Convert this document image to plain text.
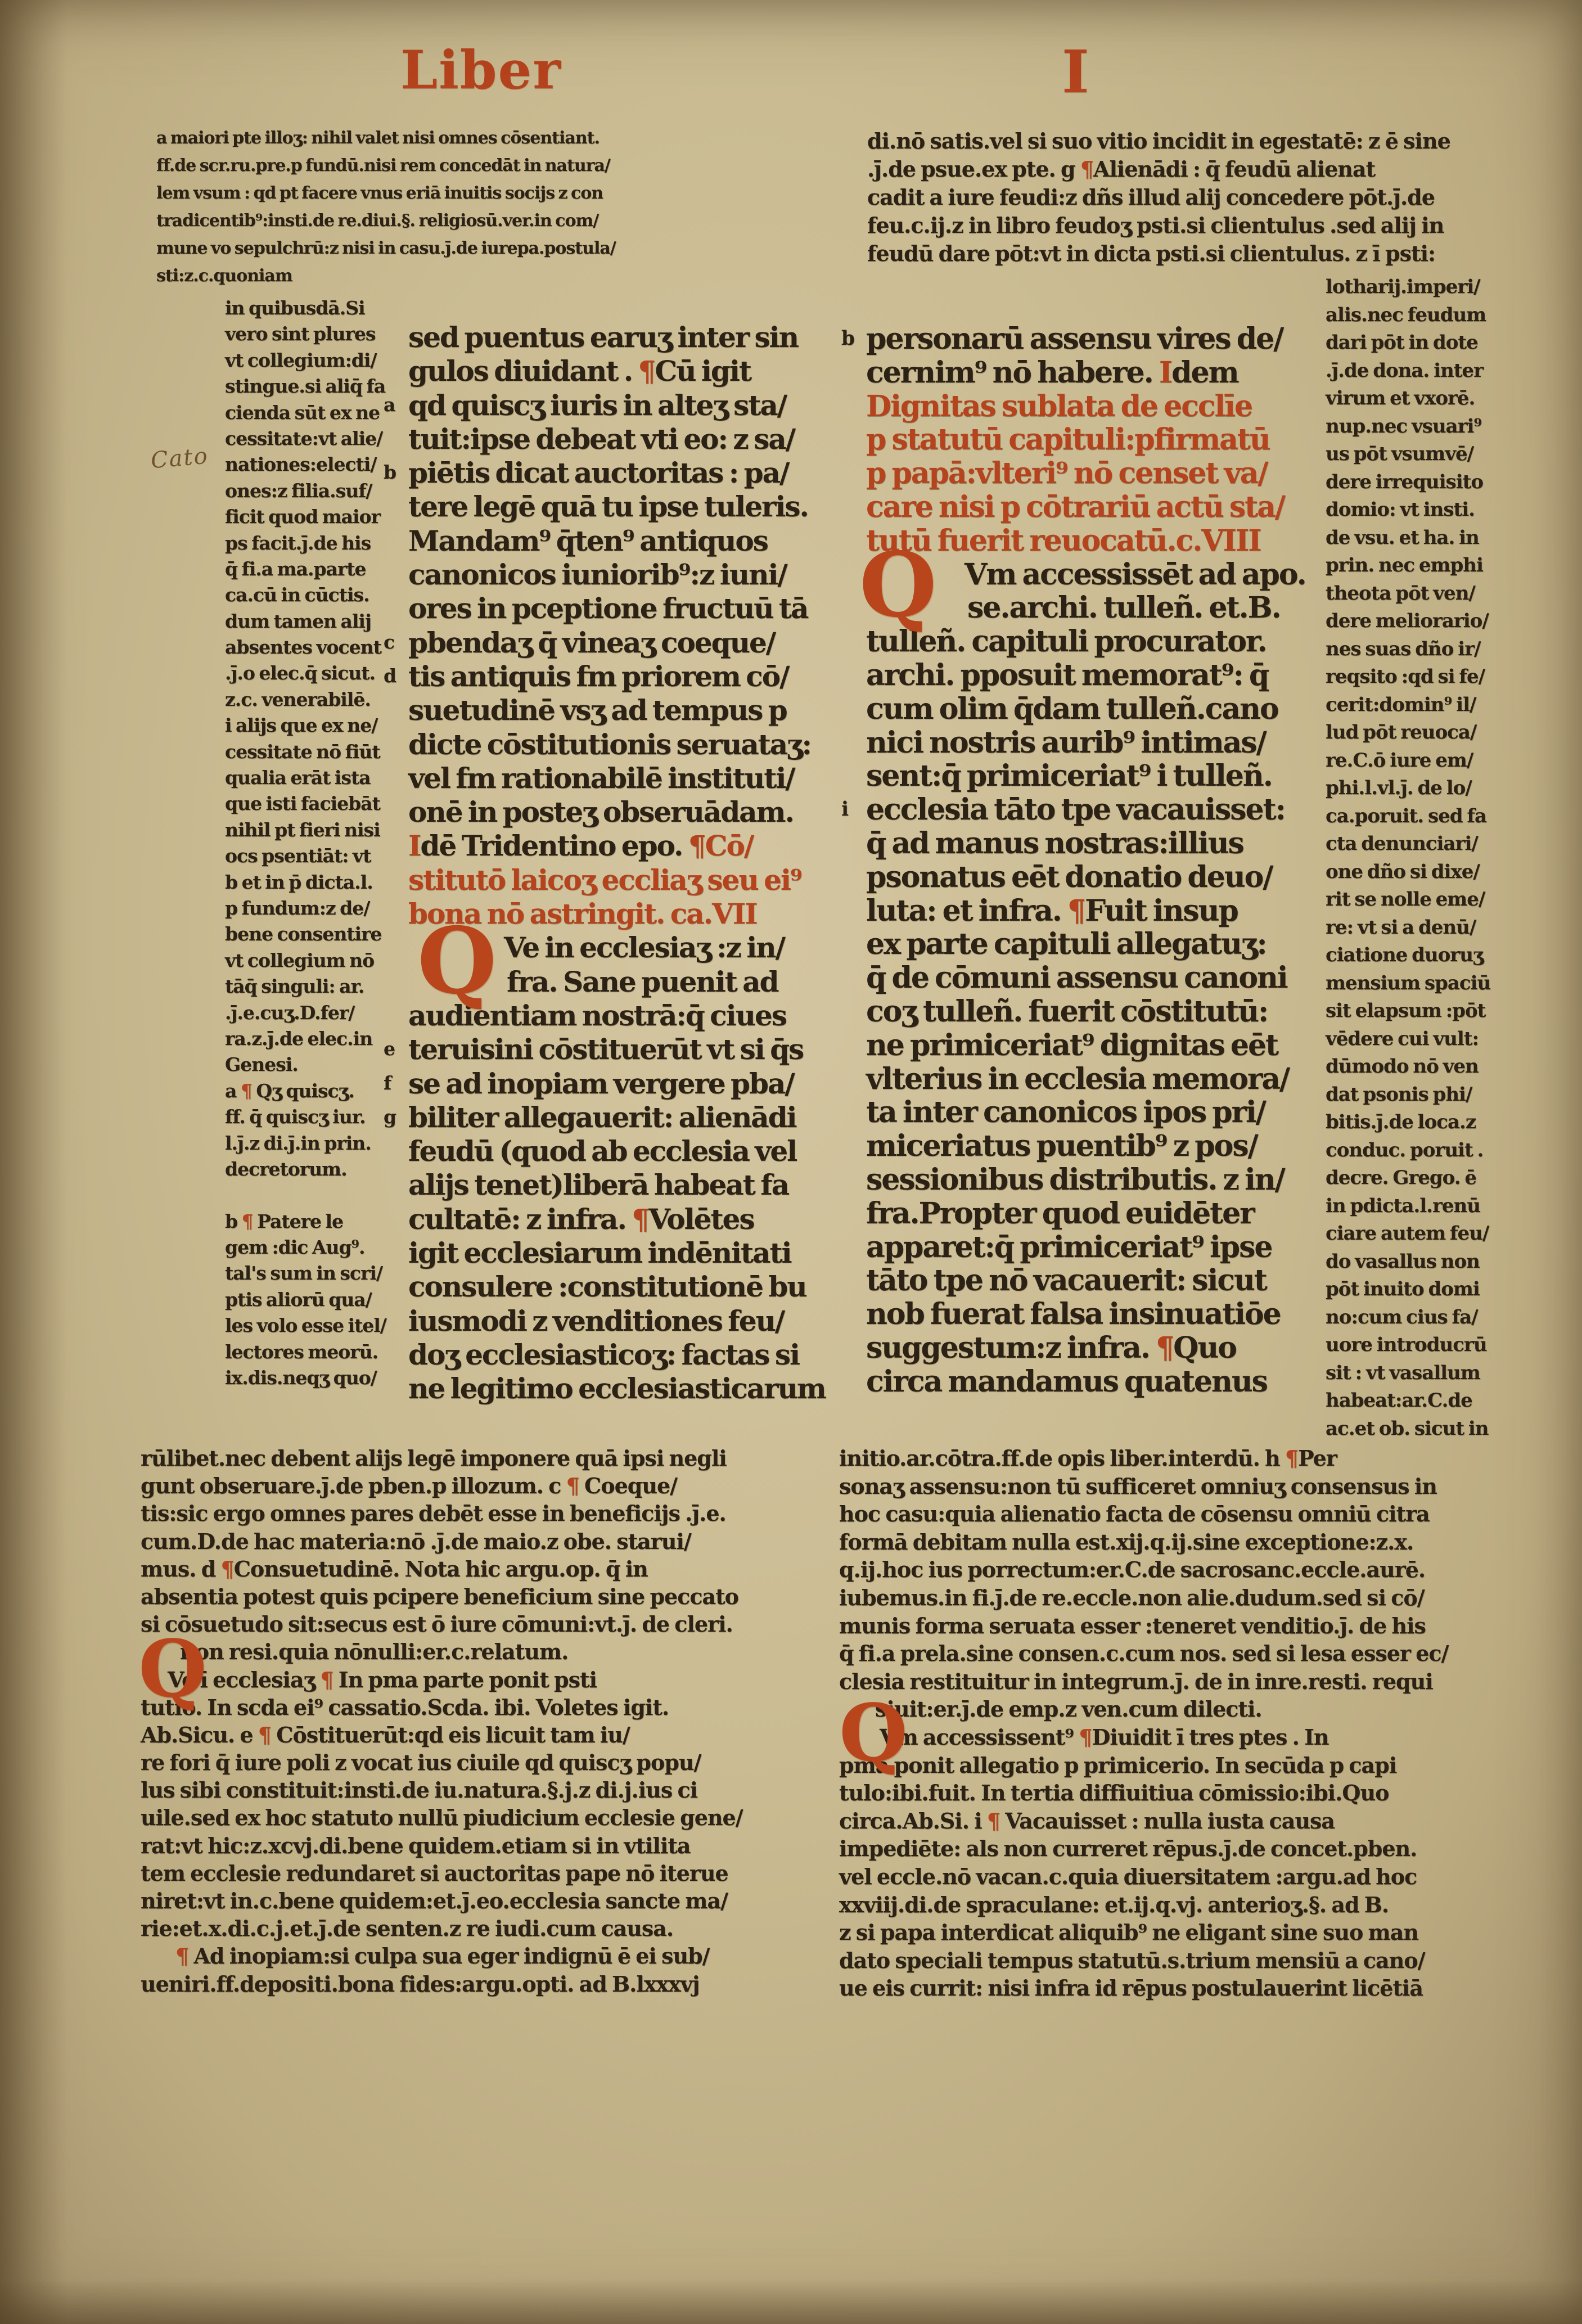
Liber	I
a maiori pte illoʒ: nihil valet nisi omnes cōsentiant.
ff.de scr.ru.pre.p fundū.nisi rem concedāt in natura/
lem vsum : qd pt facere vnus eriā inuitis socijs z con
tradicentib⁹:insti.de re.diui.§. religiosū.ver.in com/
mune vo sepulchrū:z nisi in casu.j̄.de iurepa.postula/
sti:z.c.quoniam
in quibusdā.Si
vero sint plures
vt collegium:di/
stingue.si aliq̄ fa
cienda sūt ex ne
cessitate:vt alie/
nationes:electi/
ones:z filia.suf/
ficit quod maior
ps facit.j̄.de his
q̄ fi.a ma.parte
ca.cū in cūctis.
dum tamen alij
absentes vocent
.j̄.o elec.q̄ sicut.
z.c. venerabilē.
i alijs que ex ne/
cessitate nō fiūt
qualia erāt ista
que isti faciebāt
nihil pt fieri nisi
ocs psentiāt: vt
b et in p̄ dicta.l.
p fundum:z de/
bene consentire
vt collegium nō
tāq̄ singuli: ar.
.j̄.e.cuʒ.D.fer/
ra.z.j̄.de elec.in
Genesi.
a ¶ Qʒ quiscʒ.
ff. q̄ quiscʒ iur.
l.j̄.z di.j̄.in prin.
decretorum.
b ¶ Patere le
gem :dic Aug⁹.
tal's sum in scri/
ptis aliorū qua/
les volo esse itel/
lectores meorū.
ix.dis.neqʒ quo/
sed puentus earuʒ inter sin
gulos diuidant . ¶Cū igit
a qd quiscʒ iuris in alteʒ sta/
tuit:ipse debeat vti eo: z sa/
b piētis dicat auctoritas : pa/
tere legē quā tu ipse tuleris.
Mandam⁹ q̄ten⁹ antiquos
canonicos iuniorib⁹:z iuni/
ores in pceptione fructuū tā
c pbendaʒ q̄ vineaʒ coeque/
d tis antiquis fm priorem cō/
suetudinē vsʒ ad tempus p
dicte cōstitutionis seruataʒ:
vel fm rationabilē instituti/
onē in posteʒ obseruādam.
Idē Tridentino epo. ¶Cō/
stitutō laicoʒ eccliaʒ seu ei⁹
bona nō astringit. ca.VII
Ve in ecclesiaʒ :z in/
fra. Sane puenit ad
audientiam nostrā:q̄ ciues
e teruisini cōstituerūt vt si q̄s
f se ad inopiam vergere pba/
g biliter allegauerit: alienādi
feudū (quod ab ecclesia vel
alijs tenet)liberā habeat fa
cultatē: z infra. ¶Volētes
igit ecclesiarum indēnitati
consulere :constitutionē bu
iusmodi z venditiones feu/
doʒ ecclesiasticoʒ: factas si
ne legitimo ecclesiasticarum
di.nō satis.vel si suo vitio incidit in egestatē: z ē sine
.j̄.de psue.ex pte. g ¶Alienādi : q̄ feudū alienat
cadit a iure feudi:z dñs illud alij concedere pōt.j̄.de
feu.c.ij.z in libro feudoʒ psti.si clientulus .sed alij in
feudū dare pōt:vt in dicta psti.si clientulus. z ī psti:
b personarū assensu vires de/
cernim⁹ nō habere. Idem
Dignitas sublata de ecclīe
p statutū capituli:pfirmatū
p papā:vlteri⁹ nō censet va/
care nisi p cōtrariū actū sta/
tutū fuerit reuocatū.c.VIII
Vm accessissēt ad apo.
se.archi. tulleñ. et.B.
tulleñ. capituli procurator.
archi. pposuit memorat⁹: q̄
cum olim q̄dam tulleñ.cano
nici nostris aurib⁹ intimas/
sent:q̄ primiceriat⁹ i tulleñ.
i ecclesia tāto tpe vacauisset:
q̄ ad manus nostras:illius
psonatus eēt donatio deuo/
luta: et infra. ¶Fuit insup
ex parte capituli allegatuʒ:
q̄ de cōmuni assensu canoni
coʒ tulleñ. fuerit cōstitutū:
ne primiceriat⁹ dignitas eēt
vlterius in ecclesia memora/
ta inter canonicos ipos pri/
miceriatus puentib⁹ z pos/
sessionibus distributis. z in/
fra.Propter quod euidēter
apparet:q̄ primiceriat⁹ ipse
tāto tpe nō vacauerit: sicut
nob fuerat falsa insinuatiōe
suggestum:z infra. ¶Quo
circa mandamus quatenus
lotharij.imperi/
alis.nec feudum
dari pōt in dote
.j̄.de dona. inter
virum et vxorē.
nup.nec vsuari⁹
us pōt vsumvē/
dere irrequisito
domio: vt insti.
de vsu. et ha. in
prin. nec emphi
theota pōt ven/
dere meliorario/
nes suas dño ir/
reqsito :qd si fe/
cerit:domin⁹ il/
lud pōt reuoca/
re.C.ō iure em/
phi.l.vl.j̄. de lo/
ca.poruit. sed fa
cta denunciari/
one dño si dixe/
rit se nolle eme/
re: vt si a denū/
ciatione duoruʒ
mensium spaciū
sit elapsum :pōt
vēdere cui vult:
dūmodo nō ven
dat psonis phi/
bitis.j̄.de loca.z
conduc. poruit .
decre. Grego. ē
in pdicta.l.renū
ciare autem feu/
do vasallus non
pōt inuito domi
no:cum cius fa/
uore introducrū
sit : vt vasallum
habeat:ar.C.de
ac.et ob. sicut in
rūlibet.nec debent alijs legē imponere quā ipsi negli
gunt obseruare.j̄.de pben.p illozum. c ¶ Coeque/
tis:sic ergo omnes pares debēt esse in beneficijs .j̄.e.
cum.D.de hac materia:nō .j̄.de maio.z obe. starui/
mus. d ¶Consuetudinē. Nota hic argu.op. q̄ in
absentia potest quis pcipere beneficium sine peccato
si cōsuetudo sit:secus est ō iure cōmuni:vt.j̄. de cleri.
non resi.quia nōnulli:er.c.relatum.
Ve ī ecclesiaʒ ¶ In pma parte ponit psti
tutio. In scda ei⁹ cassatio.Scda. ibi. Voletes igit.
Ab.Sicu. e ¶ Cōstituerūt:qd eis licuit tam iu/
re fori q̄ iure poli z vocat ius ciuile qd quiscʒ popu/
lus sibi constituit:insti.de iu.natura.§.j.z di.j.ius ci
uile.sed ex hoc statuto nullū piudicium ecclesie gene/
rat:vt hic:z.xcvj.di.bene quidem.etiam si in vtilita
tem ecclesie redundaret si auctoritas pape nō iterue
niret:vt in.c.bene quidem:et.j̄.eo.ecclesia sancte ma/
rie:et.x.di.c.j.et.j̄.de senten.z re iudi.cum causa.
¶ Ad inopiam:si culpa sua eger indignū ē ei sub/
ueniri.ff.depositi.bona fides:argu.opti. ad B.lxxxvj
initio.ar.cōtra.ff.de opis liber.interdū. h ¶Per
sonaʒ assensu:non tū sufficeret omniuʒ consensus in
hoc casu:quia alienatio facta de cōsensu omniū citra
formā debitam nulla est.xij.q.ij.sine exceptione:z.x.
q.ij.hoc ius porrectum:er.C.de sacrosanc.eccle.aurē.
iubemus.in fi.j̄.de re.eccle.non alie.dudum.sed si cō/
munis forma seruata esser :teneret venditio.j̄. de his
q̄ fi.a prela.sine consen.c.cum nos. sed si lesa esser ec/
clesia restituitur in integrum.j̄. de in inre.resti. requi
siuit:er.j̄.de emp.z ven.cum dilecti.
Vm accessissent⁹ ¶Diuidit ī tres ptes . In
pma ponit allegatio p primicerio. In secūda p capi
tulo:ibi.fuit. In tertia diffiuitiua cōmissio:ibi.Quo
circa.Ab.Si. i ¶ Vacauisset : nulla iusta causa
impediēte: als non curreret rēpus.j̄.de concet.pben.
vel eccle.nō vacan.c.quia diuersitatem :argu.ad hoc
xxviij.di.de spraculane: et.ij.q.vj. anterioʒ.§. ad B.
z si papa interdicat aliquib⁹ ne eligant sine suo man
dato speciali tempus statutū.s.trium mensiū a cano/
ue eis currit: nisi infra id rēpus postulauerint licētiā
Cato
Q
Q
Q
Q
